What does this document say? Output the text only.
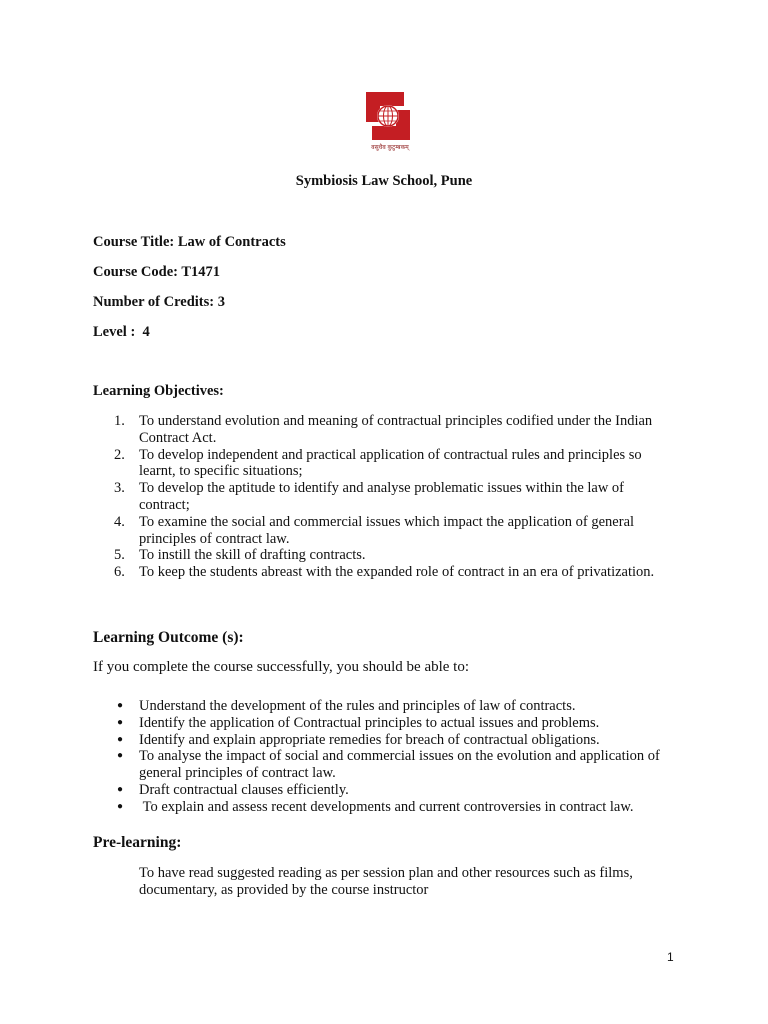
वसुधैव कुटुम्बकम्
Symbiosis Law School, Pune
Course Title: Law of Contracts
Course Code: T1471
Number of Credits: 3
Level :  4
Learning Objectives:
1. To understand evolution and meaning of contractual principles codified under the Indian Contract Act.
2. To develop independent and practical application of contractual rules and principles so learnt, to specific situations;
3. To develop the aptitude to identify and analyse problematic issues within the law of contract;
4. To examine the social and commercial issues which impact the application of general principles of contract law.
5. To instill the skill of drafting contracts.
6. To keep the students abreast with the expanded role of contract in an era of privatization.
Learning Outcome (s):
If you complete the course successfully, you should be able to:
● Understand the development of the rules and principles of law of contracts.
● Identify the application of Contractual principles to actual issues and problems.
● Identify and explain appropriate remedies for breach of contractual obligations.
● To analyse the impact of social and commercial issues on the evolution and application of general principles of contract law.
● Draft contractual clauses efficiently.
● To explain and assess recent developments and current controversies in contract law.
Pre-learning:
To have read suggested reading as per session plan and other resources such as films, documentary, as provided by the course instructor
1
